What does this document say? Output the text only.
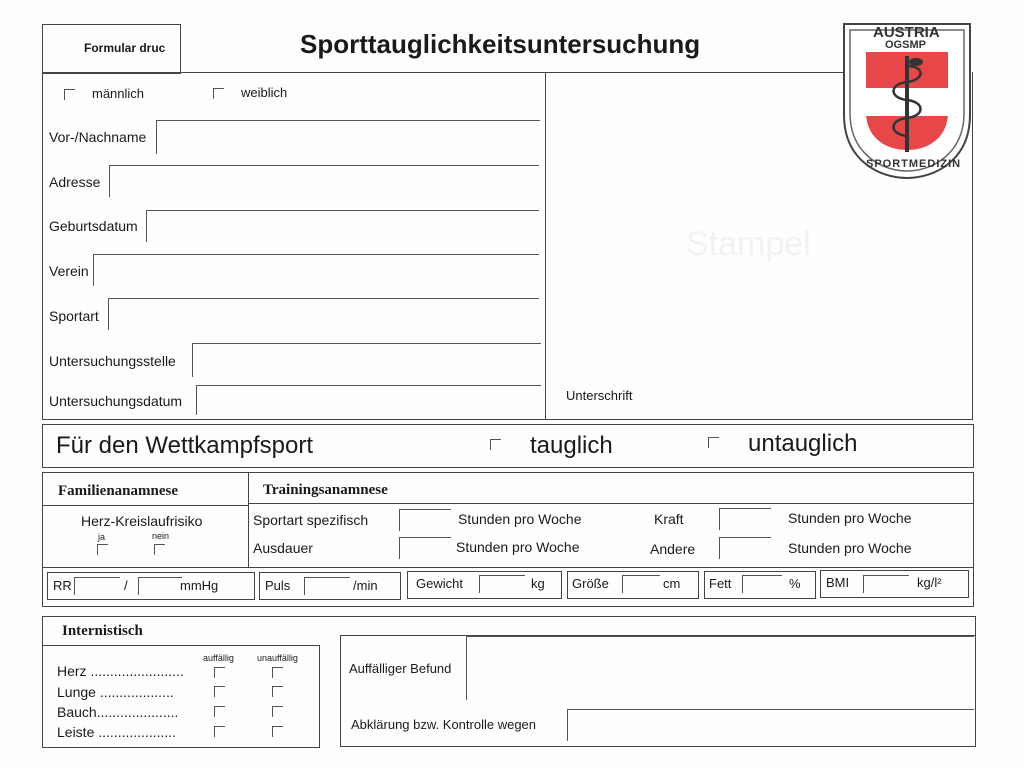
Formular druc	Sporttauglichkeitsuntersuchung	AUSTRIA
OGSMP
SPORTMEDIZIN
männlich	weiblich
Vor-/Nachname
Adresse
Geburtsdatum
Verein
Sportart
Untersuchungsstelle
Untersuchungsdatum
Stampel
Unterschrift
Für den Wettkampfsport	tauglich	untauglich
Familienanamnese	Trainingsanamnese
Herz-Kreislaufrisiko
ja	nein
Sportart spezifisch	Stunden pro Woche	Kraft	Stunden pro Woche
Ausdauer	Stunden pro Woche	Andere	Stunden pro Woche
RR	/	mmHg	Puls	/min	Gewicht	kg Größe	cm Fett	% BMI	kg/l²
Internistisch
auffällig	unauffällig
Herz ........................
Lunge ...................
Bauch.....................
Leiste ....................
Auffälliger Befund
Abklärung bzw. Kontrolle wegen
